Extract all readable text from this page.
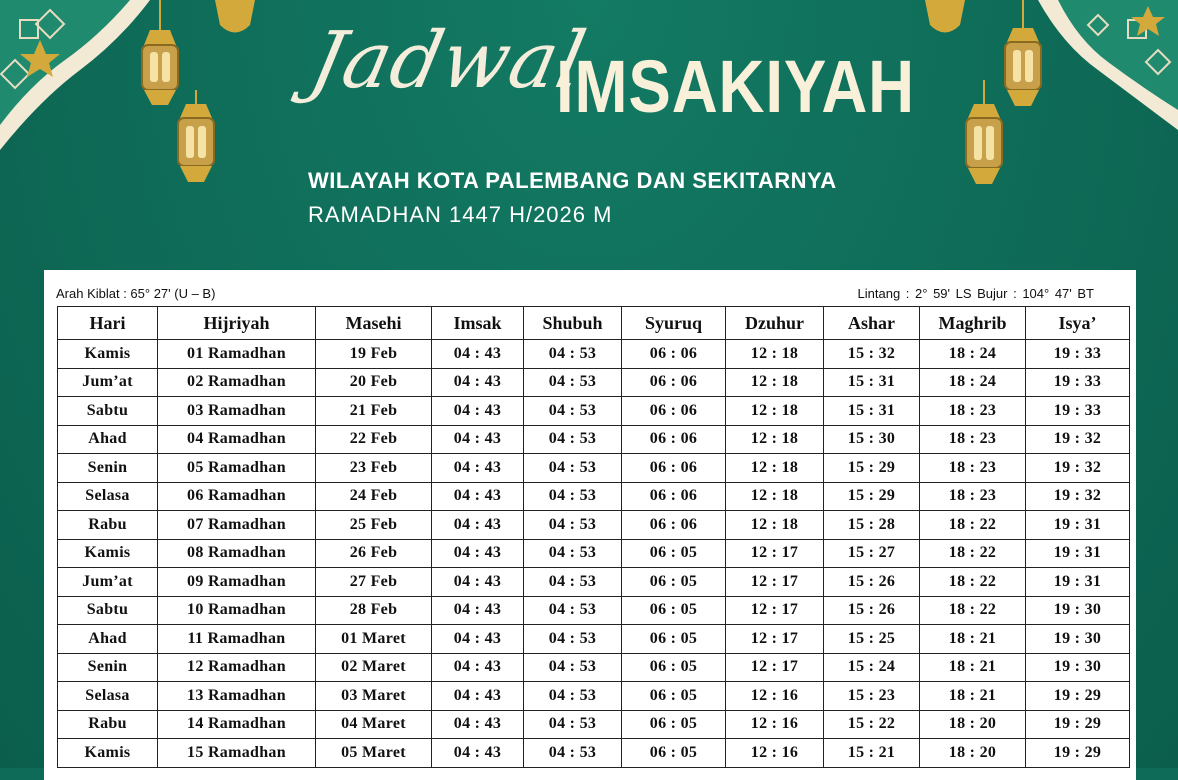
Jadwal
IMSAKIYAH
WILAYAH KOTA PALEMBANG DAN SEKITARNYA
RAMADHAN 1447 H/2026 M
Arah Kiblat : 65° 27' (U – B)	Lintang : 2° 59' LS Bujur : 104° 47' BT
Hari	Hijriyah	Masehi	Imsak	Shubuh	Syuruq	Dzuhur	Ashar	Maghrib	Isya’
Kamis	01 Ramadhan	19 Feb	04 : 43	04 : 53	06 : 06	12 : 18	15 : 32	18 : 24	19 : 33
Jum’at	02 Ramadhan	20 Feb	04 : 43	04 : 53	06 : 06	12 : 18	15 : 31	18 : 24	19 : 33
Sabtu	03 Ramadhan	21 Feb	04 : 43	04 : 53	06 : 06	12 : 18	15 : 31	18 : 23	19 : 33
Ahad	04 Ramadhan	22 Feb	04 : 43	04 : 53	06 : 06	12 : 18	15 : 30	18 : 23	19 : 32
Senin	05 Ramadhan	23 Feb	04 : 43	04 : 53	06 : 06	12 : 18	15 : 29	18 : 23	19 : 32
Selasa	06 Ramadhan	24 Feb	04 : 43	04 : 53	06 : 06	12 : 18	15 : 29	18 : 23	19 : 32
Rabu	07 Ramadhan	25 Feb	04 : 43	04 : 53	06 : 06	12 : 18	15 : 28	18 : 22	19 : 31
Kamis	08 Ramadhan	26 Feb	04 : 43	04 : 53	06 : 05	12 : 17	15 : 27	18 : 22	19 : 31
Jum’at	09 Ramadhan	27 Feb	04 : 43	04 : 53	06 : 05	12 : 17	15 : 26	18 : 22	19 : 31
Sabtu	10 Ramadhan	28 Feb	04 : 43	04 : 53	06 : 05	12 : 17	15 : 26	18 : 22	19 : 30
Ahad	11 Ramadhan	01 Maret	04 : 43	04 : 53	06 : 05	12 : 17	15 : 25	18 : 21	19 : 30
Senin	12 Ramadhan	02 Maret	04 : 43	04 : 53	06 : 05	12 : 17	15 : 24	18 : 21	19 : 30
Selasa	13 Ramadhan	03 Maret	04 : 43	04 : 53	06 : 05	12 : 16	15 : 23	18 : 21	19 : 29
Rabu	14 Ramadhan	04 Maret	04 : 43	04 : 53	06 : 05	12 : 16	15 : 22	18 : 20	19 : 29
Kamis	15 Ramadhan	05 Maret	04 : 43	04 : 53	06 : 05	12 : 16	15 : 21	18 : 20	19 : 29
